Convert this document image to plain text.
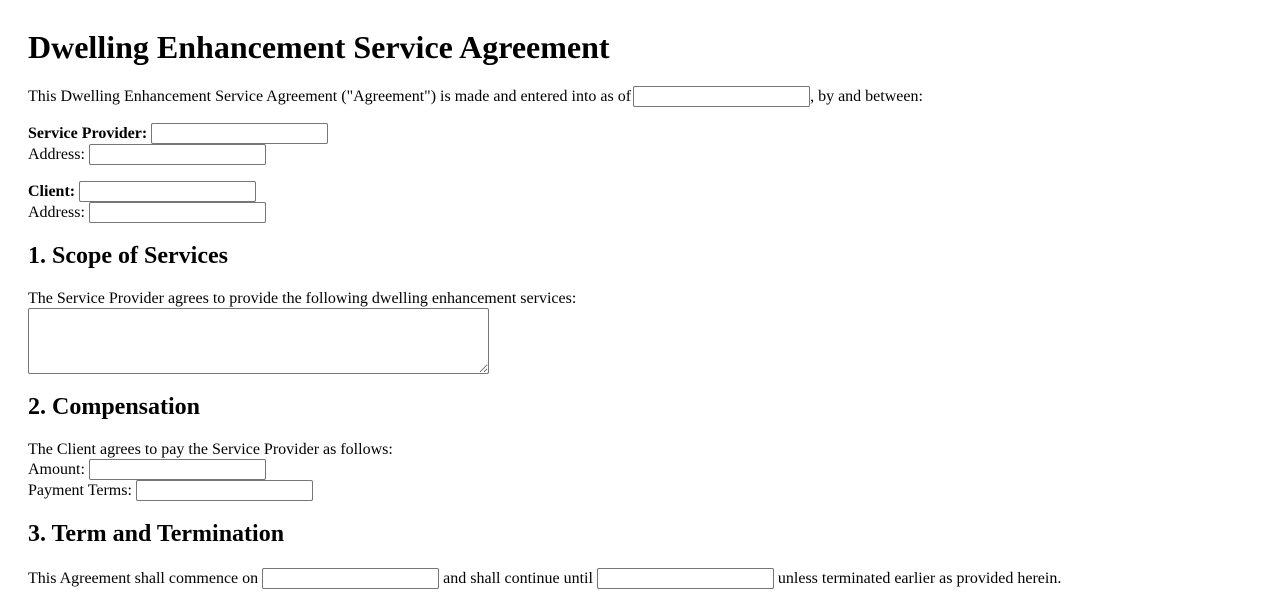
Dwelling Enhancement Service Agreement
This Dwelling Enhancement Service Agreement ("Agreement") is made and entered into as of	, by and between:
Service Provider:
Address:
Client:
Address:
1. Scope of Services
The Service Provider agrees to provide the following dwelling enhancement services:
2. Compensation
The Client agrees to pay the Service Provider as follows:
Amount:
Payment Terms:
3. Term and Termination
This Agreement shall commence on	and shall continue until	unless terminated earlier as provided herein.
